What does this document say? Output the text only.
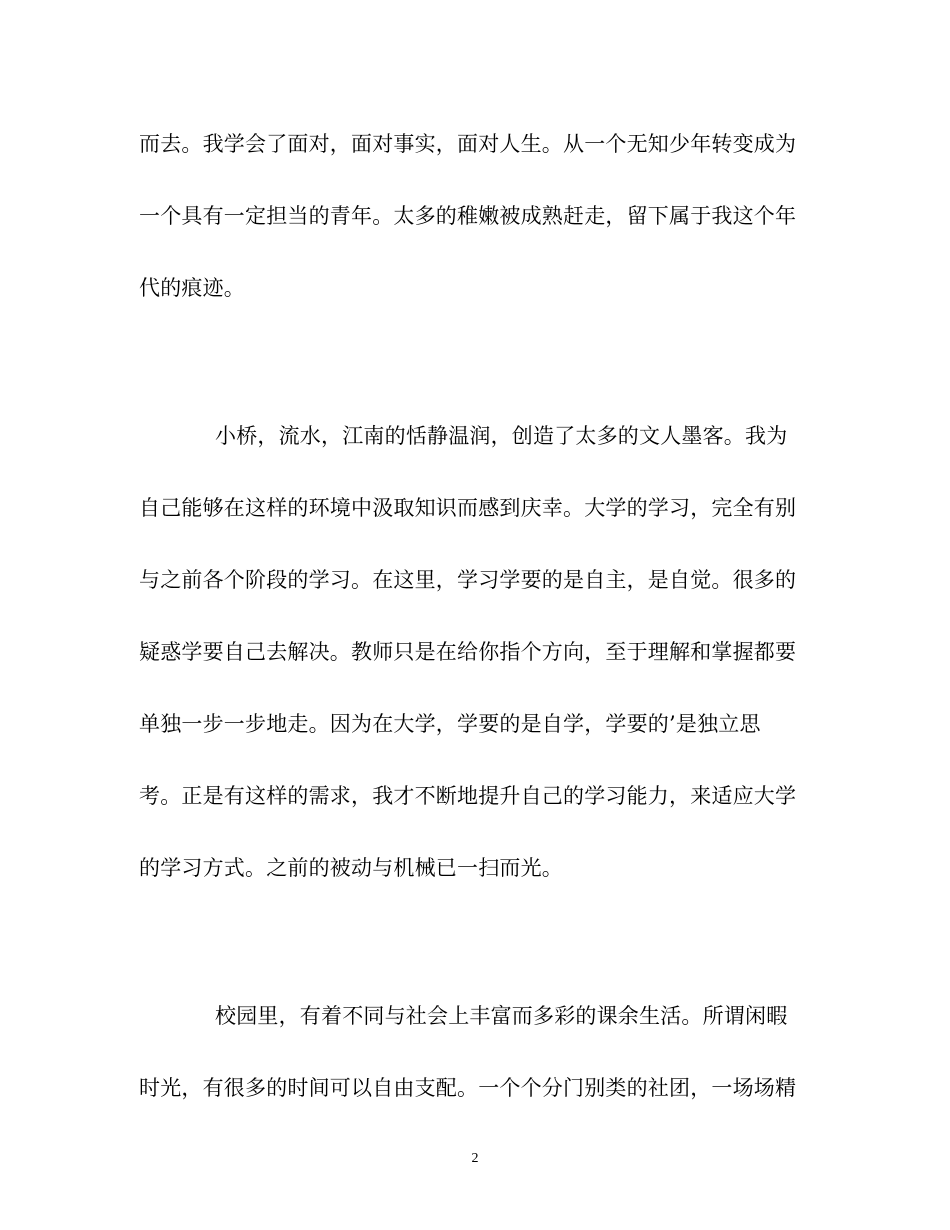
而去。我学会了面对，面对事实，面对人生。从一个无知少年转变成为
一个具有一定担当的青年。太多的稚嫩被成熟赶走，留下属于我这个年
代的痕迹。
小桥，流水，江南的恬静温润，创造了太多的文人墨客。我为
自己能够在这样的环境中汲取知识而感到庆幸。大学的学习，完全有别
与之前各个阶段的学习。在这里，学习学要的是自主，是自觉。很多的
疑惑学要自己去解决。教师只是在给你指个方向，至于理解和掌握都要
单独一步一步地走。因为在大学，学要的是自学，学要的’是独立思
考。正是有这样的需求，我才不断地提升自己的学习能力，来适应大学
的学习方式。之前的被动与机械已一扫而光。
校园里，有着不同与社会上丰富而多彩的课余生活。所谓闲暇
时光，有很多的时间可以自由支配。一个个分门别类的社团，一场场精
2
